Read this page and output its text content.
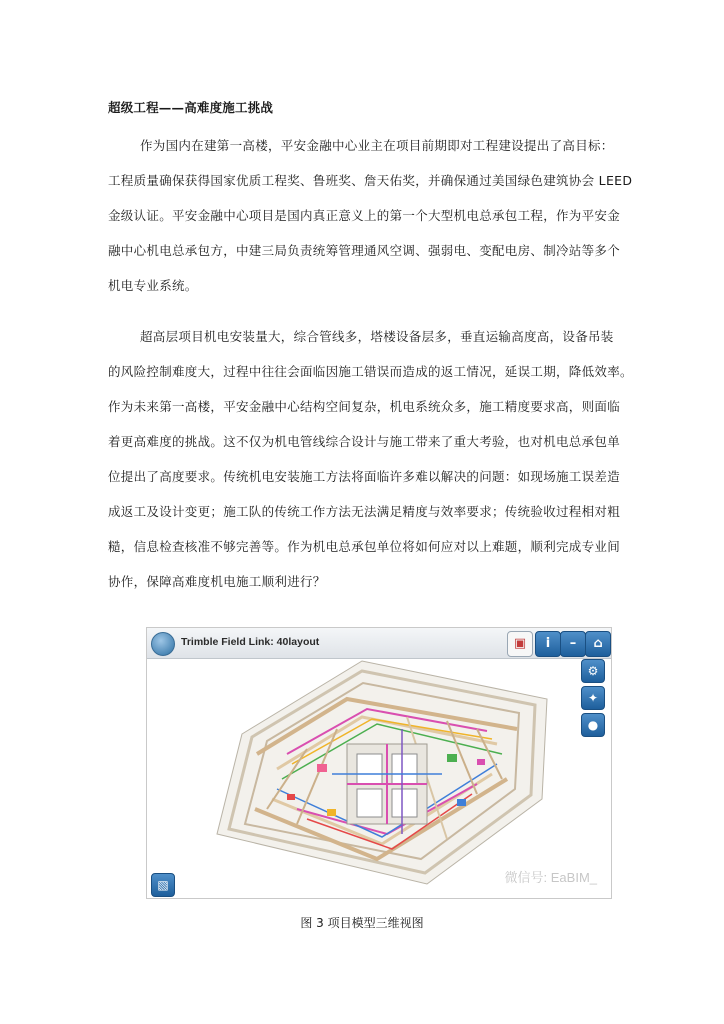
超级工程——高难度施工挑战
作为国内在建第一高楼，平安金融中心业主在项目前期即对工程建设提出了高目标：
工程质量确保获得国家优质工程奖、鲁班奖、詹天佑奖，并确保通过美国绿色建筑协会 LEED
金级认证。平安金融中心项目是国内真正意义上的第一个大型机电总承包工程，作为平安金
融中心机电总承包方，中建三局负责统筹管理通风空调、强弱电、变配电房、制冷站等多个
机电专业系统。
超高层项目机电安装量大，综合管线多，塔楼设备层多，垂直运输高度高，设备吊装
的风险控制难度大，过程中往往会面临因施工错误而造成的返工情况，延误工期，降低效率。
作为未来第一高楼，平安金融中心结构空间复杂，机电系统众多，施工精度要求高，则面临
着更高难度的挑战。这不仅为机电管线综合设计与施工带来了重大考验，也对机电总承包单
位提出了高度要求。传统机电安装施工方法将面临许多难以解决的问题：如现场施工误差造
成返工及设计变更；施工队的传统工作方法无法满足精度与效率要求；传统验收过程相对粗
糙，信息检查核准不够完善等。作为机电总承包单位将如何应对以上难题，顺利完成专业间
协作，保障高难度机电施工顺利进行？
Trimble Field Link: 40layout	▣	i	–	⌂
⚙
✦
●
▧	微信号: EaBIM_
图 3 项目模型三维视图
